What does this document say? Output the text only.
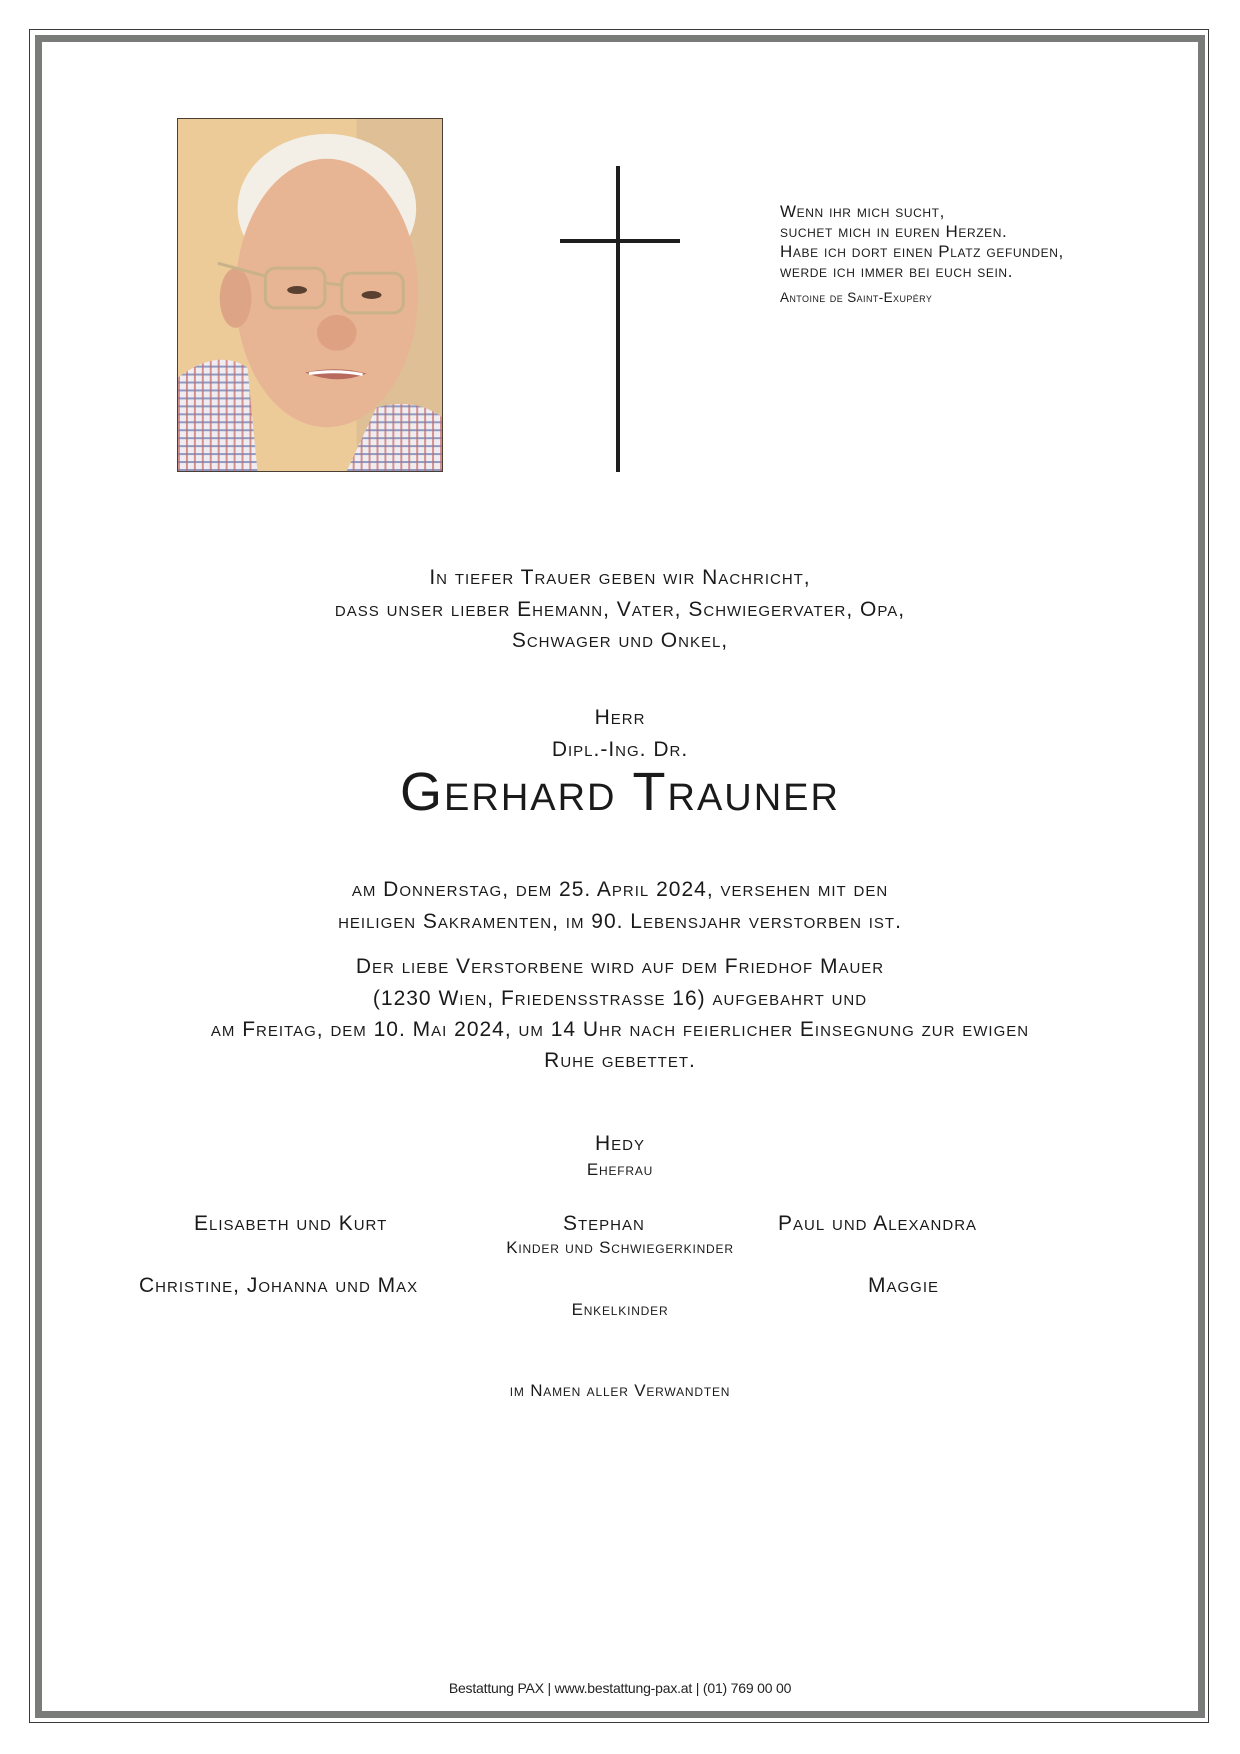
Wenn ihr mich sucht,
suchet mich in euren Herzen.
Habe ich dort einen Platz gefunden,
werde ich immer bei euch sein.
Antoine de Saint-Exupéry
In tiefer Trauer geben wir Nachricht,
dass unser lieber Ehemann, Vater, Schwiegervater, Opa,
Schwager und Onkel,
Herr
Dipl.-Ing. Dr.
Gerhard Trauner
am Donnerstag, dem 25. April 2024, versehen mit den
heiligen Sakramenten, im 90. Lebensjahr verstorben ist.
Der liebe Verstorbene wird auf dem Friedhof Mauer
(1230 Wien, Friedensstrasse 16) aufgebahrt und
am Freitag, dem 10. Mai 2024, um 14 Uhr nach feierlicher Einsegnung zur ewigen
Ruhe gebettet.
Hedy
Ehefrau
Elisabeth und Kurt	Stephan	Paul und Alexandra
Kinder und Schwiegerkinder
Christine, Johanna und Max	Maggie
Enkelkinder
im Namen aller Verwandten
Bestattung PAX | www.bestattung-pax.at | (01) 769 00 00
